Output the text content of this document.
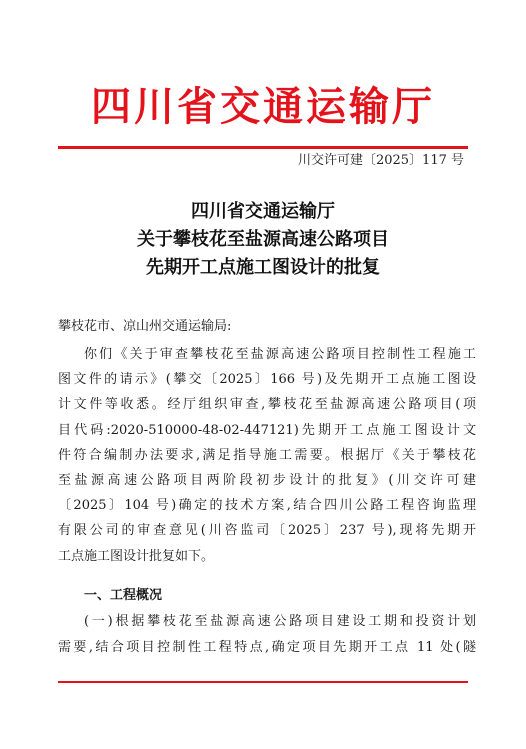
四川省交通运输厅
川交许可建〔2025〕117 号
四川省交通运输厅
关于攀枝花至盐源高速公路项目
先期开工点施工图设计的批复
攀枝花市、凉山州交通运输局:
你们《关于审查攀枝花至盐源高速公路项目控制性工程施工
图文件的请示》(攀交〔2025〕166 号)及先期开工点施工图设
计文件等收悉。经厅组织审查,攀枝花至盐源高速公路项目(项
目代码:2020-510000-48-02-447121)先期开工点施工图设计文
件符合编制办法要求,满足指导施工需要。根据厅《关于攀枝花
至盐源高速公路项目两阶段初步设计的批复》(川交许可建
〔2025〕104 号)确定的技术方案,结合四川公路工程咨询监理
有限公司的审查意见(川咨监司〔2025〕237 号),现将先期开
工点施工图设计批复如下。
一、工程概况
(一)根据攀枝花至盐源高速公路项目建设工期和投资计划
需要,结合项目控制性工程特点,确定项目先期开工点 11 处(隧
